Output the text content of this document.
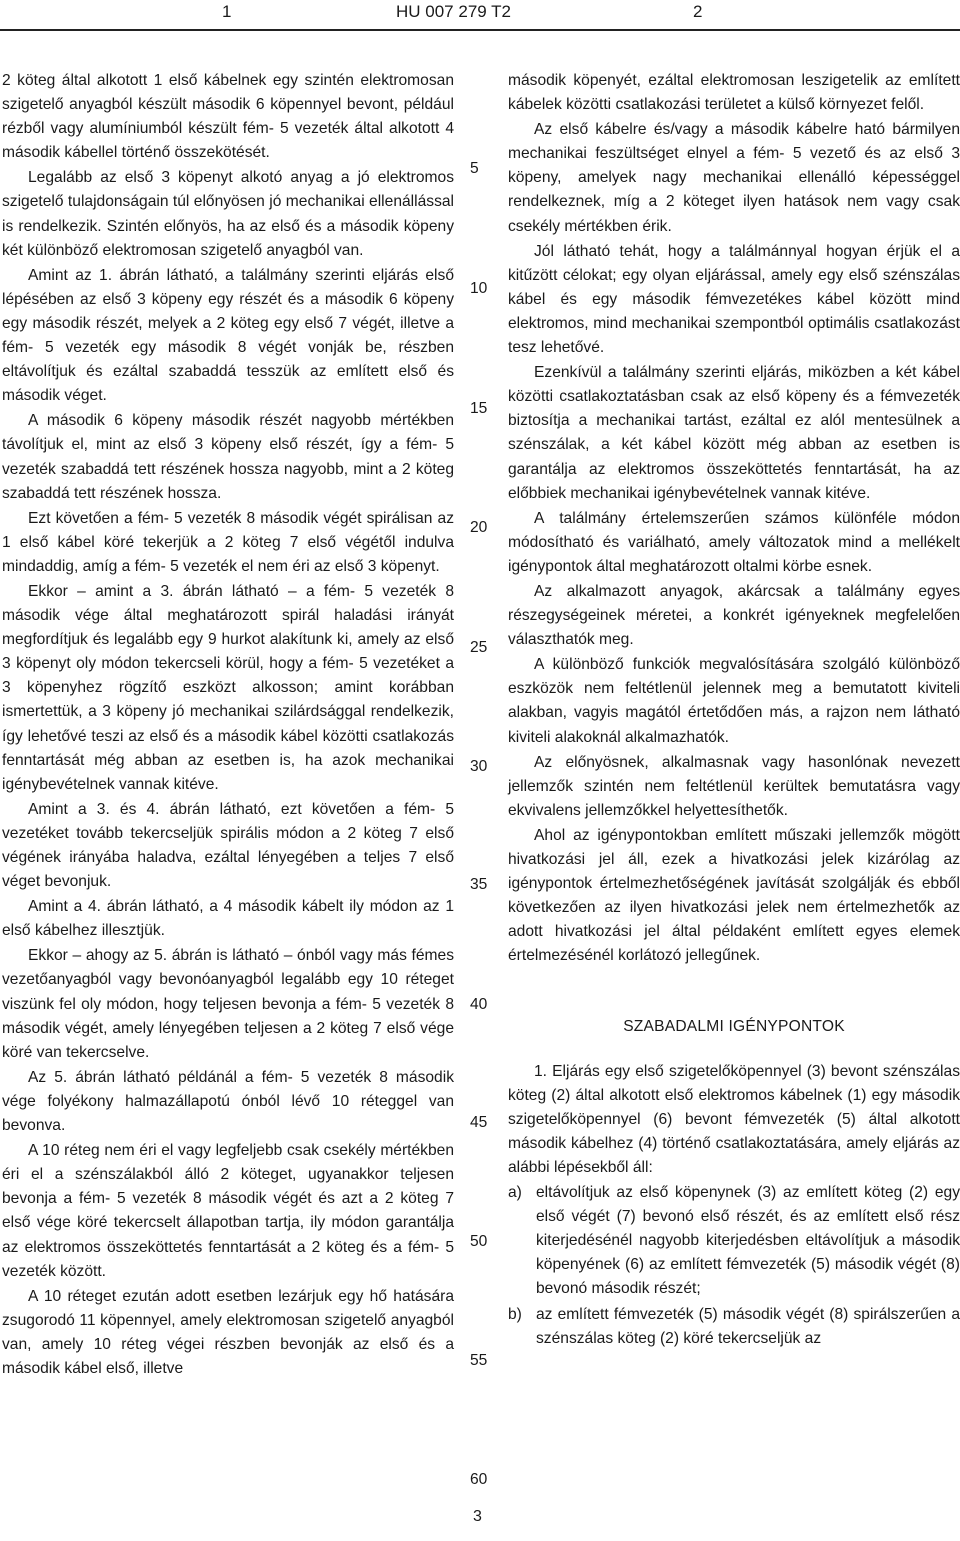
1	HU 007 279 T2	2

2 köteg által alkotott 1 első kábelnek egy szintén elektromosan szigetelő anyagból készült második 6 köpennyel bevont, például rézből vagy alumíniumból készült fém- 5 vezeték által alkotott 4 második kábellel történő összekötését.

Legalább az első 3 köpenyt alkotó anyag a jó elektromos szigetelő tulajdonságain túl előnyösen jó mechanikai ellenállással is rendelkezik. Szintén előnyös, ha az első és a második köpeny két különböző elektromosan szigetelő anyagból van.

Amint az 1. ábrán látható, a találmány szerinti eljárás első lépésében az első 3 köpeny egy részét és a második 6 köpeny egy második részét, melyek a 2 köteg egy első 7 végét, illetve a fém- 5 vezeték egy második 8 végét vonják be, részben eltávolítjuk és ezáltal szabaddá tesszük az említett első és második véget.

A második 6 köpeny második részét nagyobb mértékben távolítjuk el, mint az első 3 köpeny első részét, így a fém- 5 vezeték szabaddá tett részének hossza nagyobb, mint a 2 köteg szabaddá tett részének hossza.

Ezt követően a fém- 5 vezeték 8 második végét spirálisan az 1 első kábel köré tekerjük a 2 köteg 7 első végétől indulva mindaddig, amíg a fém- 5 vezeték el nem éri az első 3 köpenyt.

Ekkor – amint a 3. ábrán látható – a fém- 5 vezeték 8 második vége által meghatározott spirál haladási irányát megfordítjuk és legalább egy 9 hurkot alakítunk ki, amely az első 3 köpenyt oly módon tekercseli körül, hogy a fém- 5 vezetéket a 3 köpenyhez rögzítő eszközt alkosson; amint korábban ismertettük, a 3 köpeny jó mechanikai szilárdsággal rendelkezik, így lehetővé teszi az első és a második kábel közötti csatlakozás fenntartását még abban az esetben is, ha azok mechanikai igénybevételnek vannak kitéve.

Amint a 3. és 4. ábrán látható, ezt követően a fém- 5 vezetéket tovább tekercseljük spirális módon a 2 köteg 7 első végének irányába haladva, ezáltal lényegében a teljes 7 első véget bevonjuk.

Amint a 4. ábrán látható, a 4 második kábelt ily módon az 1 első kábelhez illesztjük.

Ekkor – ahogy az 5. ábrán is látható – ónból vagy más fémes vezetőanyagból vagy bevonóanyagból legalább egy 10 réteget viszünk fel oly módon, hogy teljesen bevonja a fém- 5 vezeték 8 második végét, amely lényegében teljesen a 2 köteg 7 első vége köré van tekercselve.

Az 5. ábrán látható példánál a fém- 5 vezeték 8 második vége folyékony halmazállapotú ónból lévő 10 réteggel van bevonva.

A 10 réteg nem éri el vagy legfeljebb csak csekély mértékben éri el a szénszálakból álló 2 köteget, ugyanakkor teljesen bevonja a fém- 5 vezeték 8 második végét és azt a 2 köteg 7 első vége köré tekercselt állapotban tartja, ily módon garantálja az elektromos összeköttetés fenntartását a 2 köteg és a fém- 5 vezeték között.

A 10 réteget ezután adott esetben lezárjuk egy hő hatására zsugorodó 11 köpennyel, amely elektromosan szigetelő anyagból van, amely 10 réteg végei részben bevonják az első és a második kábel első, illetve

5
10
15
20
25
30
35
40
45
50
55
60

második köpenyét, ezáltal elektromosan leszigetelik az említett kábelek közötti csatlakozási területet a külső környezet felől.

Az első kábelre és/vagy a második kábelre ható bármilyen mechanikai feszültséget elnyel a fém- 5 vezető és az első 3 köpeny, amelyek nagy mechanikai ellenálló képességgel rendelkeznek, míg a 2 köteget ilyen hatások nem vagy csak csekély mértékben érik.

Jól látható tehát, hogy a találmánnyal hogyan érjük el a kitűzött célokat; egy olyan eljárással, amely egy első szénszálas kábel és egy második fémvezetékes kábel között mind elektromos, mind mechanikai szempontból optimális csatlakozást tesz lehetővé.

Ezenkívül a találmány szerinti eljárás, miközben a két kábel közötti csatlakoztatásban csak az első köpeny és a fémvezeték biztosítja a mechanikai tartást, ezáltal ez alól mentesülnek a szénszálak, a két kábel között még abban az esetben is garantálja az elektromos összeköttetés fenntartását, ha az előbbiek mechanikai igénybevételnek vannak kitéve.

A találmány értelemszerűen számos különféle módon módosítható és variálható, amely változatok mind a mellékelt igénypontok által meghatározott oltalmi körbe esnek.

Az alkalmazott anyagok, akárcsak a találmány egyes részegységeinek méretei, a konkrét igényeknek megfelelően választhatók meg.

A különböző funkciók megvalósítására szolgáló különböző eszközök nem feltétlenül jelennek meg a bemutatott kiviteli alakban, vagyis magától értetődően más, a rajzon nem látható kiviteli alakoknál alkalmazhatók.

Az előnyösnek, alkalmasnak vagy hasonlónak nevezett jellemzők szintén nem feltétlenül kerültek bemutatásra vagy ekvivalens jellemzőkkel helyettesíthetők.

Ahol az igénypontokban említett műszaki jellemzők mögött hivatkozási jel áll, ezek a hivatkozási jelek kizárólag az igénypontok értelmezhetőségének javítását szolgálják és ebből következően az ilyen hivatkozási jelek nem értelmezhetők az adott hivatkozási jel által példaként említett egyes elemek értelmezésénél korlátozó jellegűnek.

SZABADALMI IGÉNYPONTOK

1. Eljárás egy első szigetelőköpennyel (3) bevont szénszálas köteg (2) által alkotott első elektromos kábelnek (1) egy második szigetelőköpennyel (6) bevont fémvezeték (5) által alkotott második kábelhez (4) történő csatlakoztatására, amely eljárás az alábbi lépésekből áll:

a) eltávolítjuk az első köpenynek (3) az említett köteg (2) egy első végét (7) bevonó első részét, és az említett első rész kiterjedésénél nagyobb kiterjedésben eltávolítjuk a második köpenyének (6) az említett fémvezeték (5) második végét (8) bevonó második részét;
b) az említett fémvezeték (5) második végét (8) spirálszerűen a szénszálas köteg (2) köré tekercseljük az
3
